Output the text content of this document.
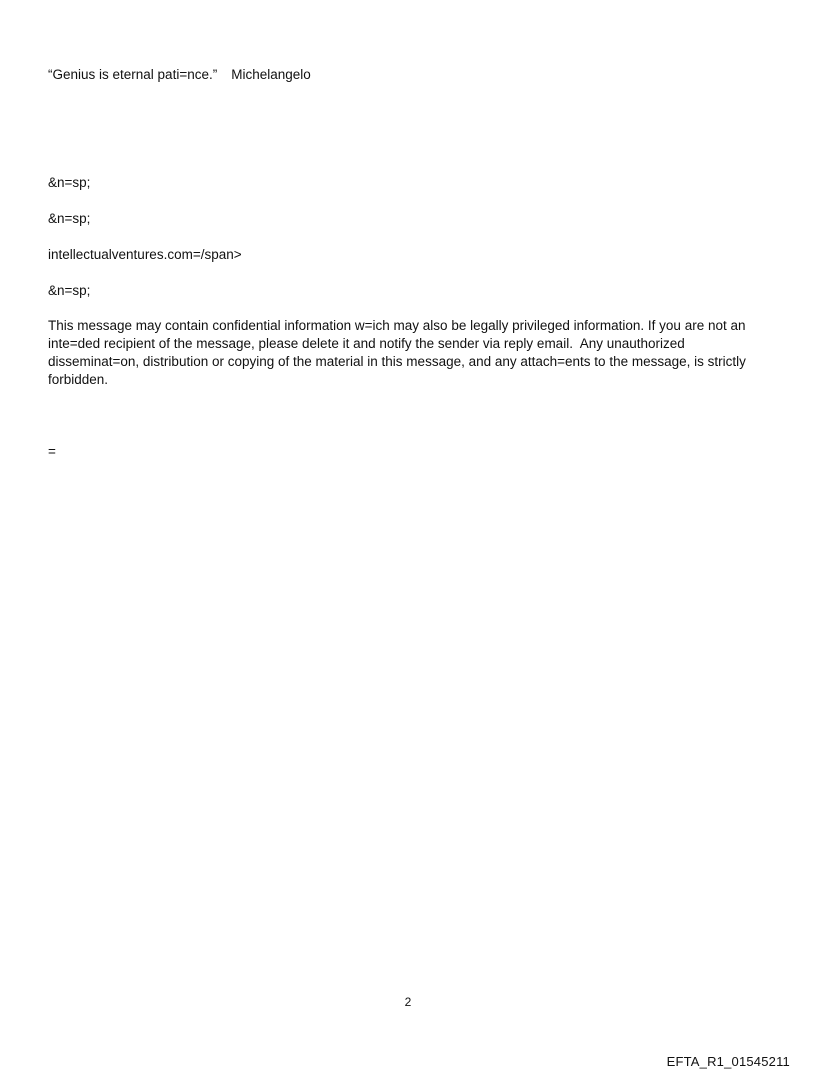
“Genius is eternal pati=nce.” Michelangelo
&n=sp;
&n=sp;
intellectualventures.com=/span>
&n=sp;
This message may contain confidential information w=ich may also be legally privileged information. If you are not an
inte=ded recipient of the message, please delete it and notify the sender via reply email.  Any unauthorized
disseminat=on, distribution or copying of the material in this message, and any attach=ents to the message, is strictly
forbidden.
=
2
EFTA_R1_01545211
